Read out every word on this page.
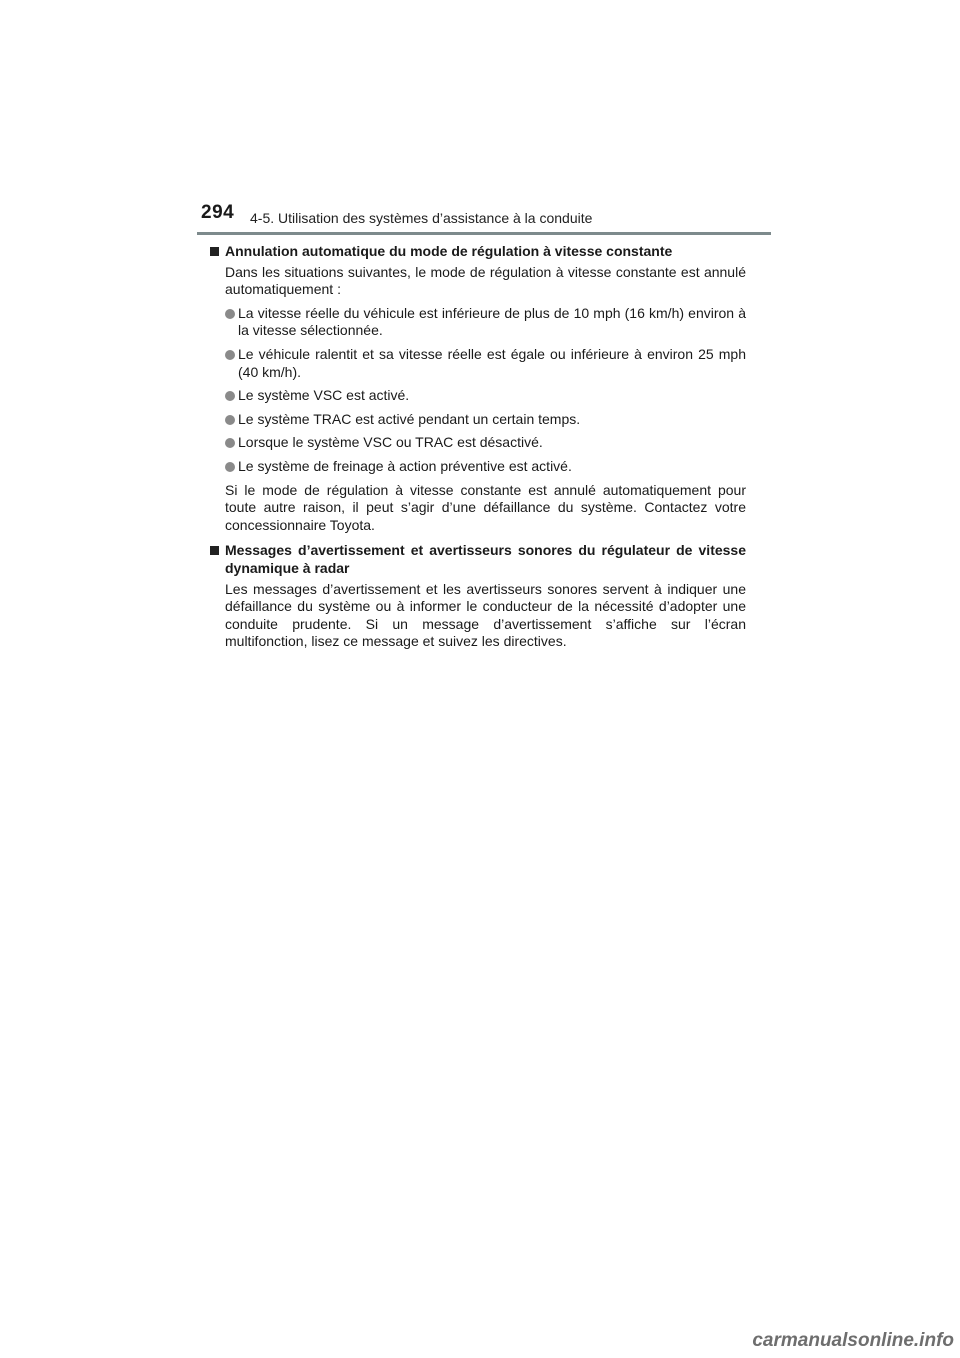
294 4-5. Utilisation des systèmes d’assistance à la conduite
Annulation automatique du mode de régulation à vitesse constante
Dans les situations suivantes, le mode de régulation à vitesse constante est annulé automatiquement :
La vitesse réelle du véhicule est inférieure de plus de 10 mph (16 km/h) environ à la vitesse sélectionnée.
Le véhicule ralentit et sa vitesse réelle est égale ou inférieure à environ 25 mph (40 km/h).
Le système VSC est activé.
Le système TRAC est activé pendant un certain temps.
Lorsque le système VSC ou TRAC est désactivé.
Le système de freinage à action préventive est activé.
Si le mode de régulation à vitesse constante est annulé automatiquement pour toute autre raison, il peut s’agir d’une défaillance du système. Contactez votre concessionnaire Toyota.
Messages d’avertissement et avertisseurs sonores du régulateur de vitesse dynamique à radar
Les messages d’avertissement et les avertisseurs sonores servent à indiquer une défaillance du système ou à informer le conducteur de la nécessité d’adopter une conduite prudente. Si un message d’avertissement s’affiche sur l’écran multifonction, lisez ce message et suivez les directives.
carmanualsonline.info
